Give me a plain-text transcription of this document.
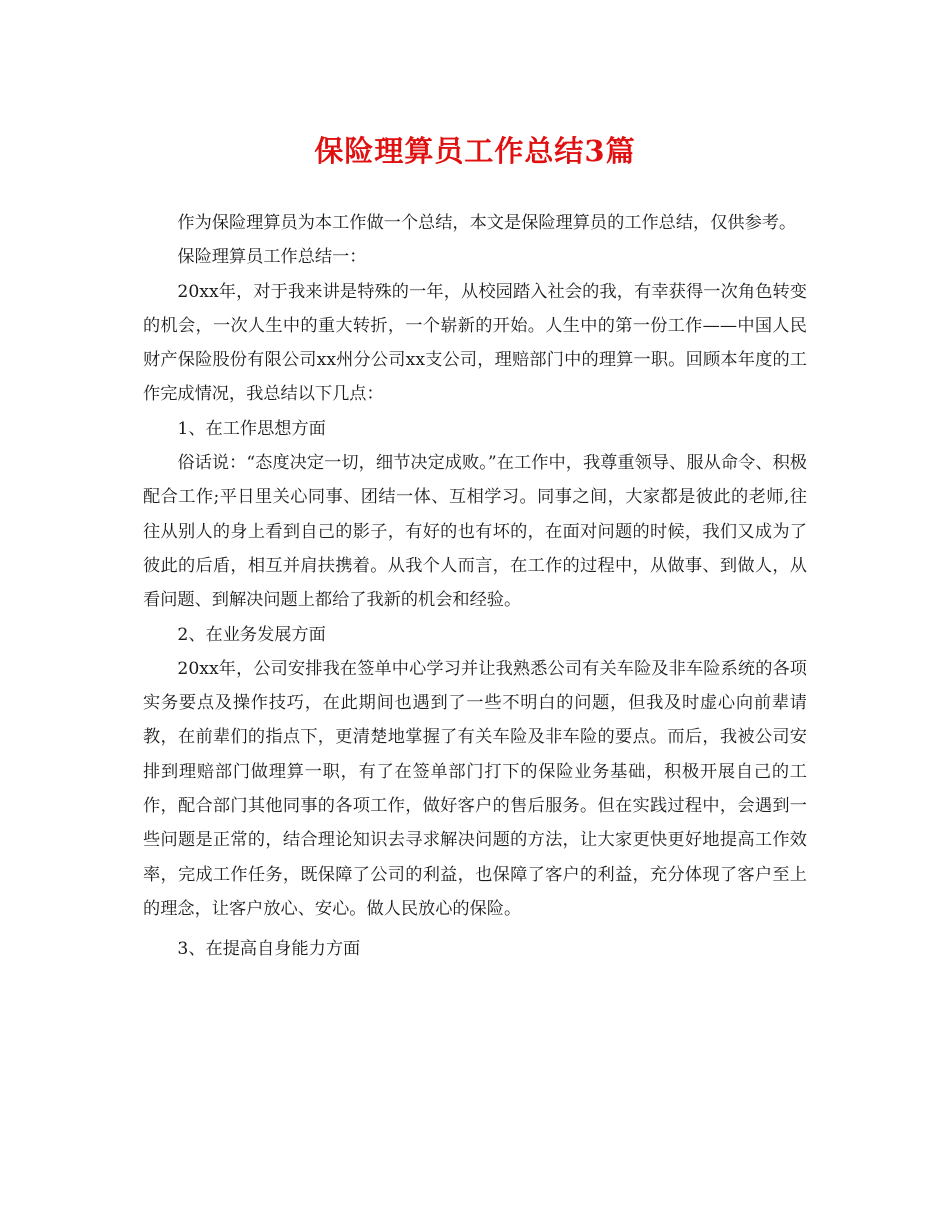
保险理算员工作总结3篇

作为保险理算员为本工作做一个总结，本文是保险理算员的工作总结，仅供参考。

保险理算员工作总结一：

20xx年，对于我来讲是特殊的一年，从校园踏入社会的我，有幸获得一次角色转变的机会，一次人生中的重大转折，一个崭新的开始。人生中的第一份工作——中国人民财产保险股份有限公司xx州分公司xx支公司，理赔部门中的理算一职。回顾本年度的工作完成情况，我总结以下几点：

1、在工作思想方面

俗话说：“态度决定一切，细节决定成败。”在工作中，我尊重领导、服从命令、积极配合工作;平日里关心同事、团结一体、互相学习。同事之间，大家都是彼此的老师,往往从别人的身上看到自己的影子，有好的也有坏的，在面对问题的时候，我们又成为了彼此的后盾，相互并肩扶携着。从我个人而言，在工作的过程中，从做事、到做人，从看问题、到解决问题上都给了我新的机会和经验。

2、在业务发展方面

20xx年，公司安排我在签单中心学习并让我熟悉公司有关车险及非车险系统的各项实务要点及操作技巧，在此期间也遇到了一些不明白的问题，但我及时虚心向前辈请教，在前辈们的指点下，更清楚地掌握了有关车险及非车险的要点。而后，我被公司安排到理赔部门做理算一职，有了在签单部门打下的保险业务基础，积极开展自己的工作，配合部门其他同事的各项工作，做好客户的售后服务。但在实践过程中，会遇到一些问题是正常的，结合理论知识去寻求解决问题的方法，让大家更快更好地提高工作效率，完成工作任务，既保障了公司的利益，也保障了客户的利益，充分体现了客户至上的理念，让客户放心、安心。做人民放心的保险。

3、在提高自身能力方面
